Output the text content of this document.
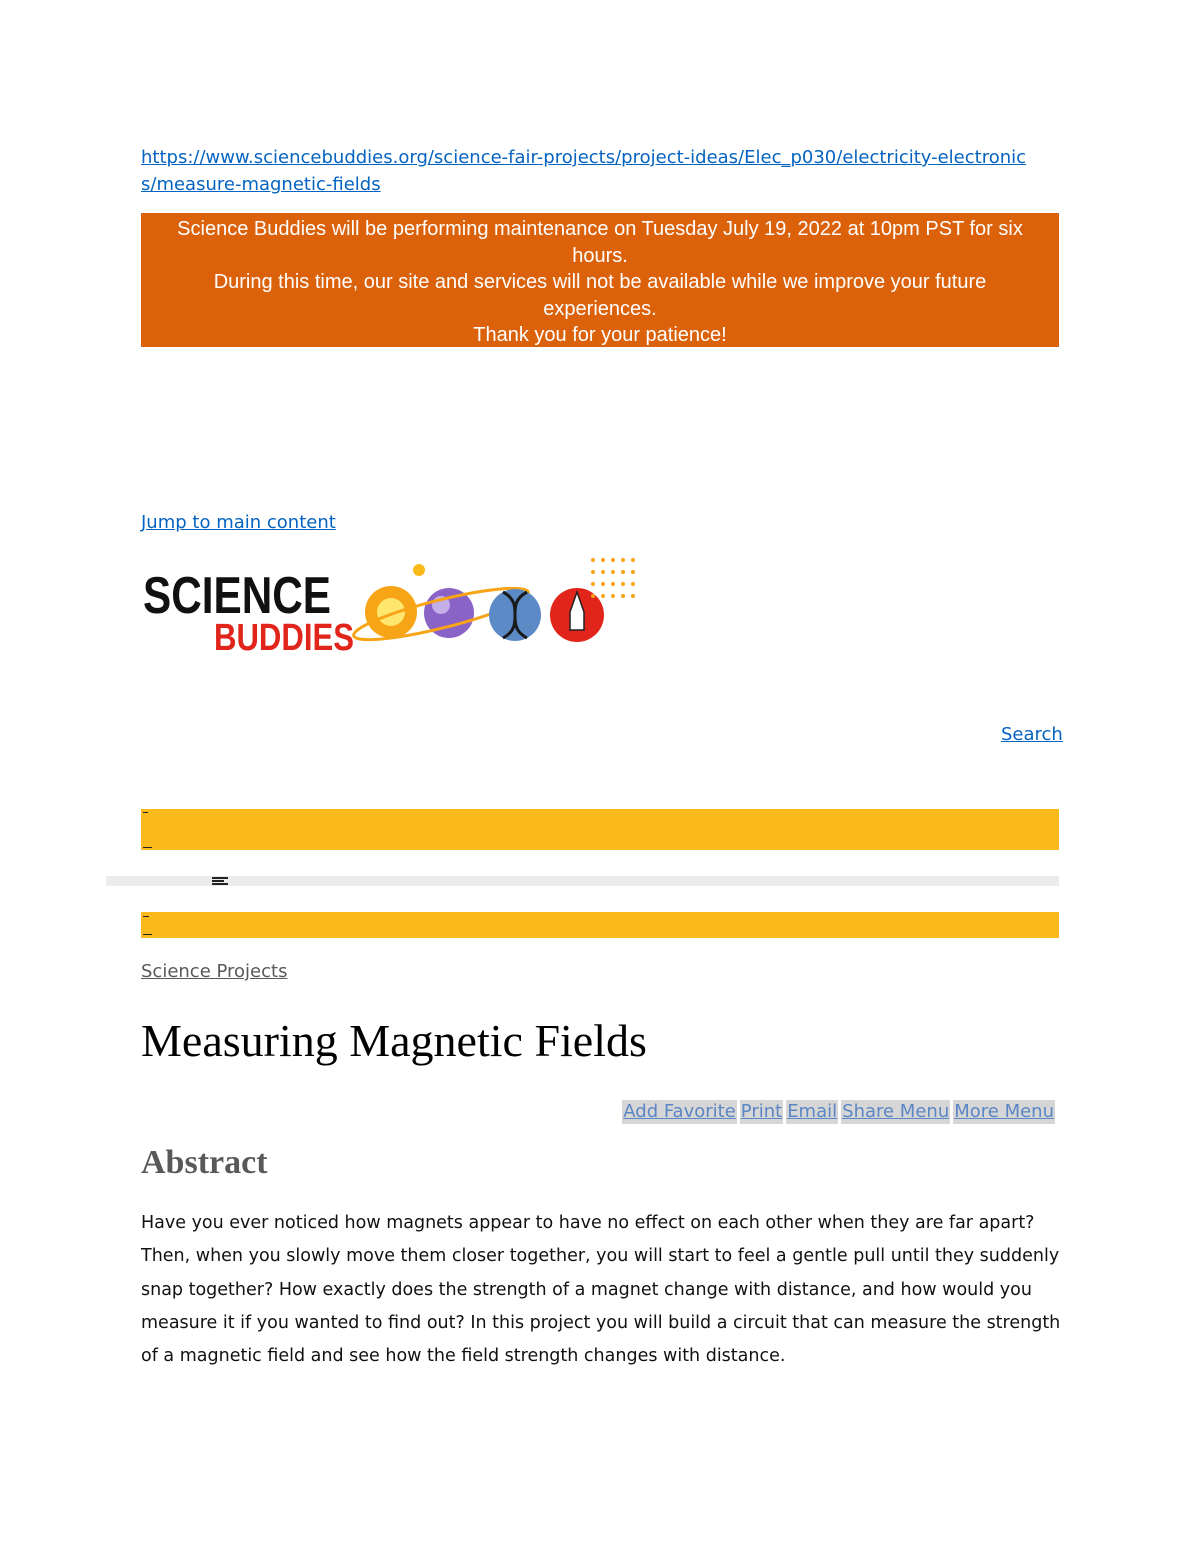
https://www.sciencebuddies.org/science-fair-projects/project-ideas/Elec_p030/electricity-electronics/measure-magnetic-fields
Science Buddies will be performing maintenance on Tuesday July 19, 2022 at 10pm PST for six hours.
During this time, our site and services will not be available while we improve your future experiences.
Thank you for your patience!
Jump to main content
SCIENCE
BUDDIES
Search
Science Projects
Measuring Magnetic Fields
Add Favorite Print Email Share Menu More Menu
Abstract

Have you ever noticed how magnets appear to have no effect on each other when they are far apart? Then, when you slowly move them closer together, you will start to feel a gentle pull until they suddenly snap together? How exactly does the strength of a magnet change with distance, and how would you measure it if you wanted to find out? In this project you will build a circuit that can measure the strength of a magnetic field and see how the field strength changes with distance.
